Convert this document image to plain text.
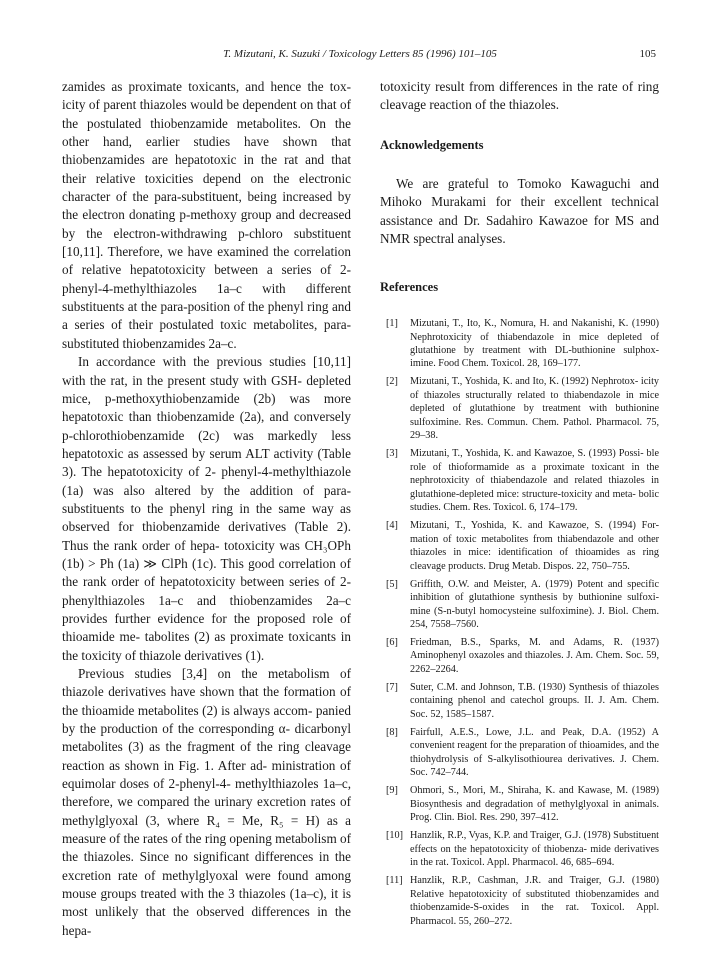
T. Mizutani, K. Suzuki / Toxicology Letters 85 (1996) 101–105	105

zamides as proximate toxicants, and hence the tox- icity of parent thiazoles would be dependent on that of the postulated thiobenzamide metabolites. On the other hand, earlier studies have shown that thiobenzamides are hepatotoxic in the rat and that their relative toxicities depend on the electronic character of the para-substituent, being increased by the electron donating p-methoxy group and decreased by the electron-withdrawing p-chloro substituent [10,11]. Therefore, we have examined the correlation of relative hepatotoxicity between a series of 2-phenyl-4-methylthiazoles 1a–c with different substituents at the para-position of the phenyl ring and a series of their postulated toxic metabolites, para-substituted thiobenzamides 2a–c.

In accordance with the previous studies [10,11] with the rat, in the present study with GSH- depleted mice, p-methoxythiobenzamide (2b) was more hepatotoxic than thiobenzamide (2a), and conversely p-chlorothiobenzamide (2c) was markedly less hepatotoxic as assessed by serum ALT activity (Table 3). The hepatotoxicity of 2- phenyl-4-methylthiazole (1a) was also altered by the addition of para-substituents to the phenyl ring in the same way as observed for thiobenzamide derivatives (Table 2). Thus the rank order of hepa- totoxicity was CH₃OPh (1b) > Ph (1a) ≫ ClPh (1c). This good correlation of the rank order of hepatotoxicity between series of 2-phenylthiazoles 1a–c and thiobenzamides 2a–c provides further evidence for the proposed role of thioamide me- tabolites (2) as proximate toxicants in the toxicity of thiazole derivatives (1).

Previous studies [3,4] on the metabolism of thiazole derivatives have shown that the formation of the thioamide metabolites (2) is always accom- panied by the production of the corresponding α- dicarbonyl metabolites (3) as the fragment of the ring cleavage reaction as shown in Fig. 1. After ad- ministration of equimolar doses of 2-phenyl-4- methylthiazoles 1a–c, therefore, we compared the urinary excretion rates of methylglyoxal (3, where R₄ = Me, R₅ = H) as a measure of the rates of the ring opening metabolism of the thiazoles. Since no significant differences in the excretion rate of methylglyoxal were found among mouse groups treated with the 3 thiazoles (1a–c), it is most unlikely that the observed differences in the hepa-

totoxicity result from differences in the rate of ring cleavage reaction of the thiazoles.

Acknowledgements

We are grateful to Tomoko Kawaguchi and Mihoko Murakami for their excellent technical assistance and Dr. Sadahiro Kawazoe for MS and NMR spectral analyses.

References
[1] Mizutani, T., Ito, K., Nomura, H. and Nakanishi, K. (1990) Nephrotoxicity of thiabendazole in mice depleted of glutathione by treatment with DL-buthionine sulphox- imine. Food Chem. Toxicol. 28, 169–177.
[2] Mizutani, T., Yoshida, K. and Ito, K. (1992) Nephrotox- icity of thiazoles structurally related to thiabendazole in mice depleted of glutathione by treatment with buthionine sulfoximine. Res. Commun. Chem. Pathol. Pharmacol. 75, 29–38.
[3] Mizutani, T., Yoshida, K. and Kawazoe, S. (1993) Possi- ble role of thioformamide as a proximate toxicant in the nephrotoxicity of thiabendazole and related thiazoles in glutathione-depleted mice: structure-toxicity and meta- bolic studies. Chem. Res. Toxicol. 6, 174–179.
[4] Mizutani, T., Yoshida, K. and Kawazoe, S. (1994) For- mation of toxic metabolites from thiabendazole and other thiazoles in mice: identification of thioamides as ring cleavage products. Drug Metab. Dispos. 22, 750–755.
[5] Griffith, O.W. and Meister, A. (1979) Potent and specific inhibition of glutathione synthesis by buthionine sulfoxi- mine (S-n-butyl homocysteine sulfoximine). J. Biol. Chem. 254, 7558–7560.
[6] Friedman, B.S., Sparks, M. and Adams, R. (1937) Aminophenyl oxazoles and thiazoles. J. Am. Chem. Soc. 59, 2262–2264.
[7] Suter, C.M. and Johnson, T.B. (1930) Synthesis of thiazoles containing phenol and catechol groups. II. J. Am. Chem. Soc. 52, 1585–1587.
[8] Fairfull, A.E.S., Lowe, J.L. and Peak, D.A. (1952) A convenient reagent for the preparation of thioamides, and the thiohydrolysis of S-alkylisothiourea derivatives. J. Chem. Soc. 742–744.
[9] Ohmori, S., Mori, M., Shiraha, K. and Kawase, M. (1989) Biosynthesis and degradation of methylglyoxal in animals. Prog. Clin. Biol. Res. 290, 397–412.
[10] Hanzlik, R.P., Vyas, K.P. and Traiger, G.J. (1978) Substituent effects on the hepatotoxicity of thiobenza- mide derivatives in the rat. Toxicol. Appl. Pharmacol. 46, 685–694.
[11] Hanzlik, R.P., Cashman, J.R. and Traiger, G.J. (1980) Relative hepatotoxicity of substituted thiobenzamides and thiobenzamide-S-oxides in the rat. Toxicol. Appl. Pharmacol. 55, 260–272.
